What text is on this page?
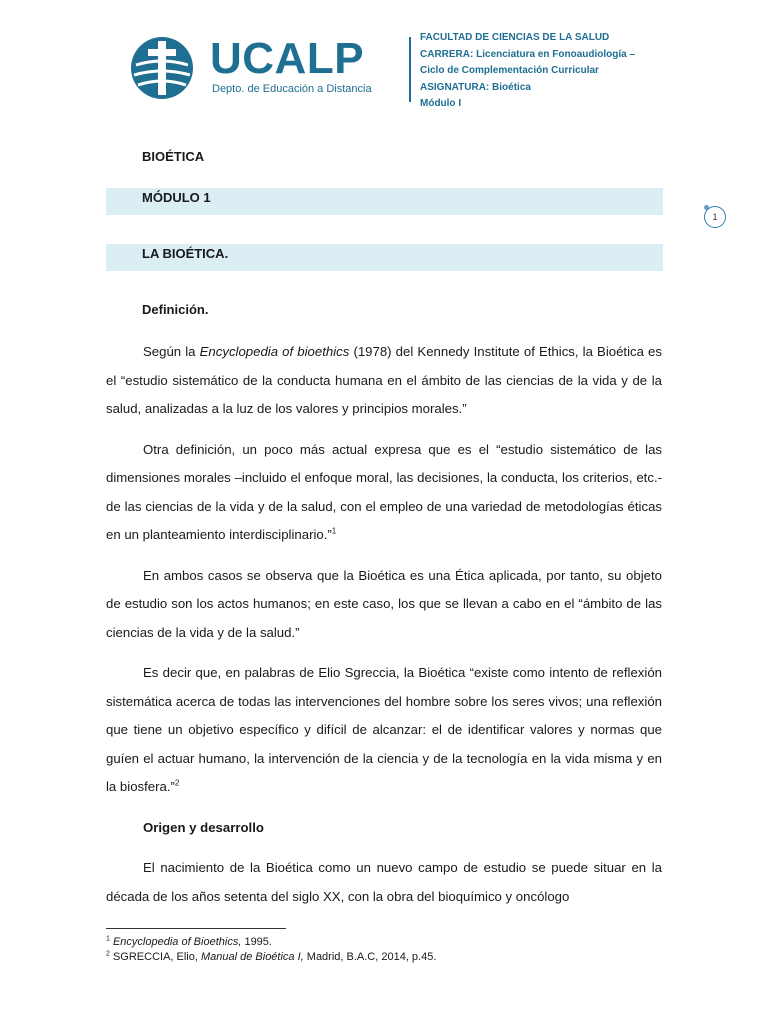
UCALP
Depto. de Educación a Distancia
FACULTAD DE CIENCIAS DE LA SALUD
CARRERA: Licenciatura en Fonoaudiología –
Ciclo de Complementación Curricular
ASIGNATURA: Bioética
Módulo I
BIOÉTICA
MÓDULO 1
LA BIOÉTICA.
Definición.
1

Según la Encyclopedia of bioethics (1978) del Kennedy Institute of Ethics, la Bioética es el “estudio sistemático de la conducta humana en el ámbito de las ciencias de la vida y de la salud, analizadas a la luz de los valores y principios morales.”

Otra definición, un poco más actual expresa que es el “estudio sistemático de las dimensiones morales –incluido el enfoque moral, las decisiones, la conducta, los criterios, etc.- de las ciencias de la vida y de la salud, con el empleo de una variedad de metodologías éticas en un planteamiento interdisciplinario.”$^1$

En ambos casos se observa que la Bioética es una Ética aplicada, por tanto, su objeto de estudio son los actos humanos; en este caso, los que se llevan a cabo en el “ámbito de las ciencias de la vida y de la salud.”

Es decir que, en palabras de Elio Sgreccia, la Bioética “existe como intento de reflexión sistemática acerca de todas las intervenciones del hombre sobre los seres vivos; una reflexión que tiene un objetivo específico y difícil de alcanzar: el de identificar valores y normas que guíen el actuar humano, la intervención de la ciencia y de la tecnología en la vida misma y en la biosfera.”$^2$

Origen y desarrollo

El nacimiento de la Bioética como un nuevo campo de estudio se puede situar en la década de los años setenta del siglo XX, con la obra del bioquímico y oncólogo

$^1$ Encyclopedia of Bioethics, 1995.
$^2$ SGRECCIA, Elio, Manual de Bioética I, Madrid, B.A.C, 2014, p.45.
